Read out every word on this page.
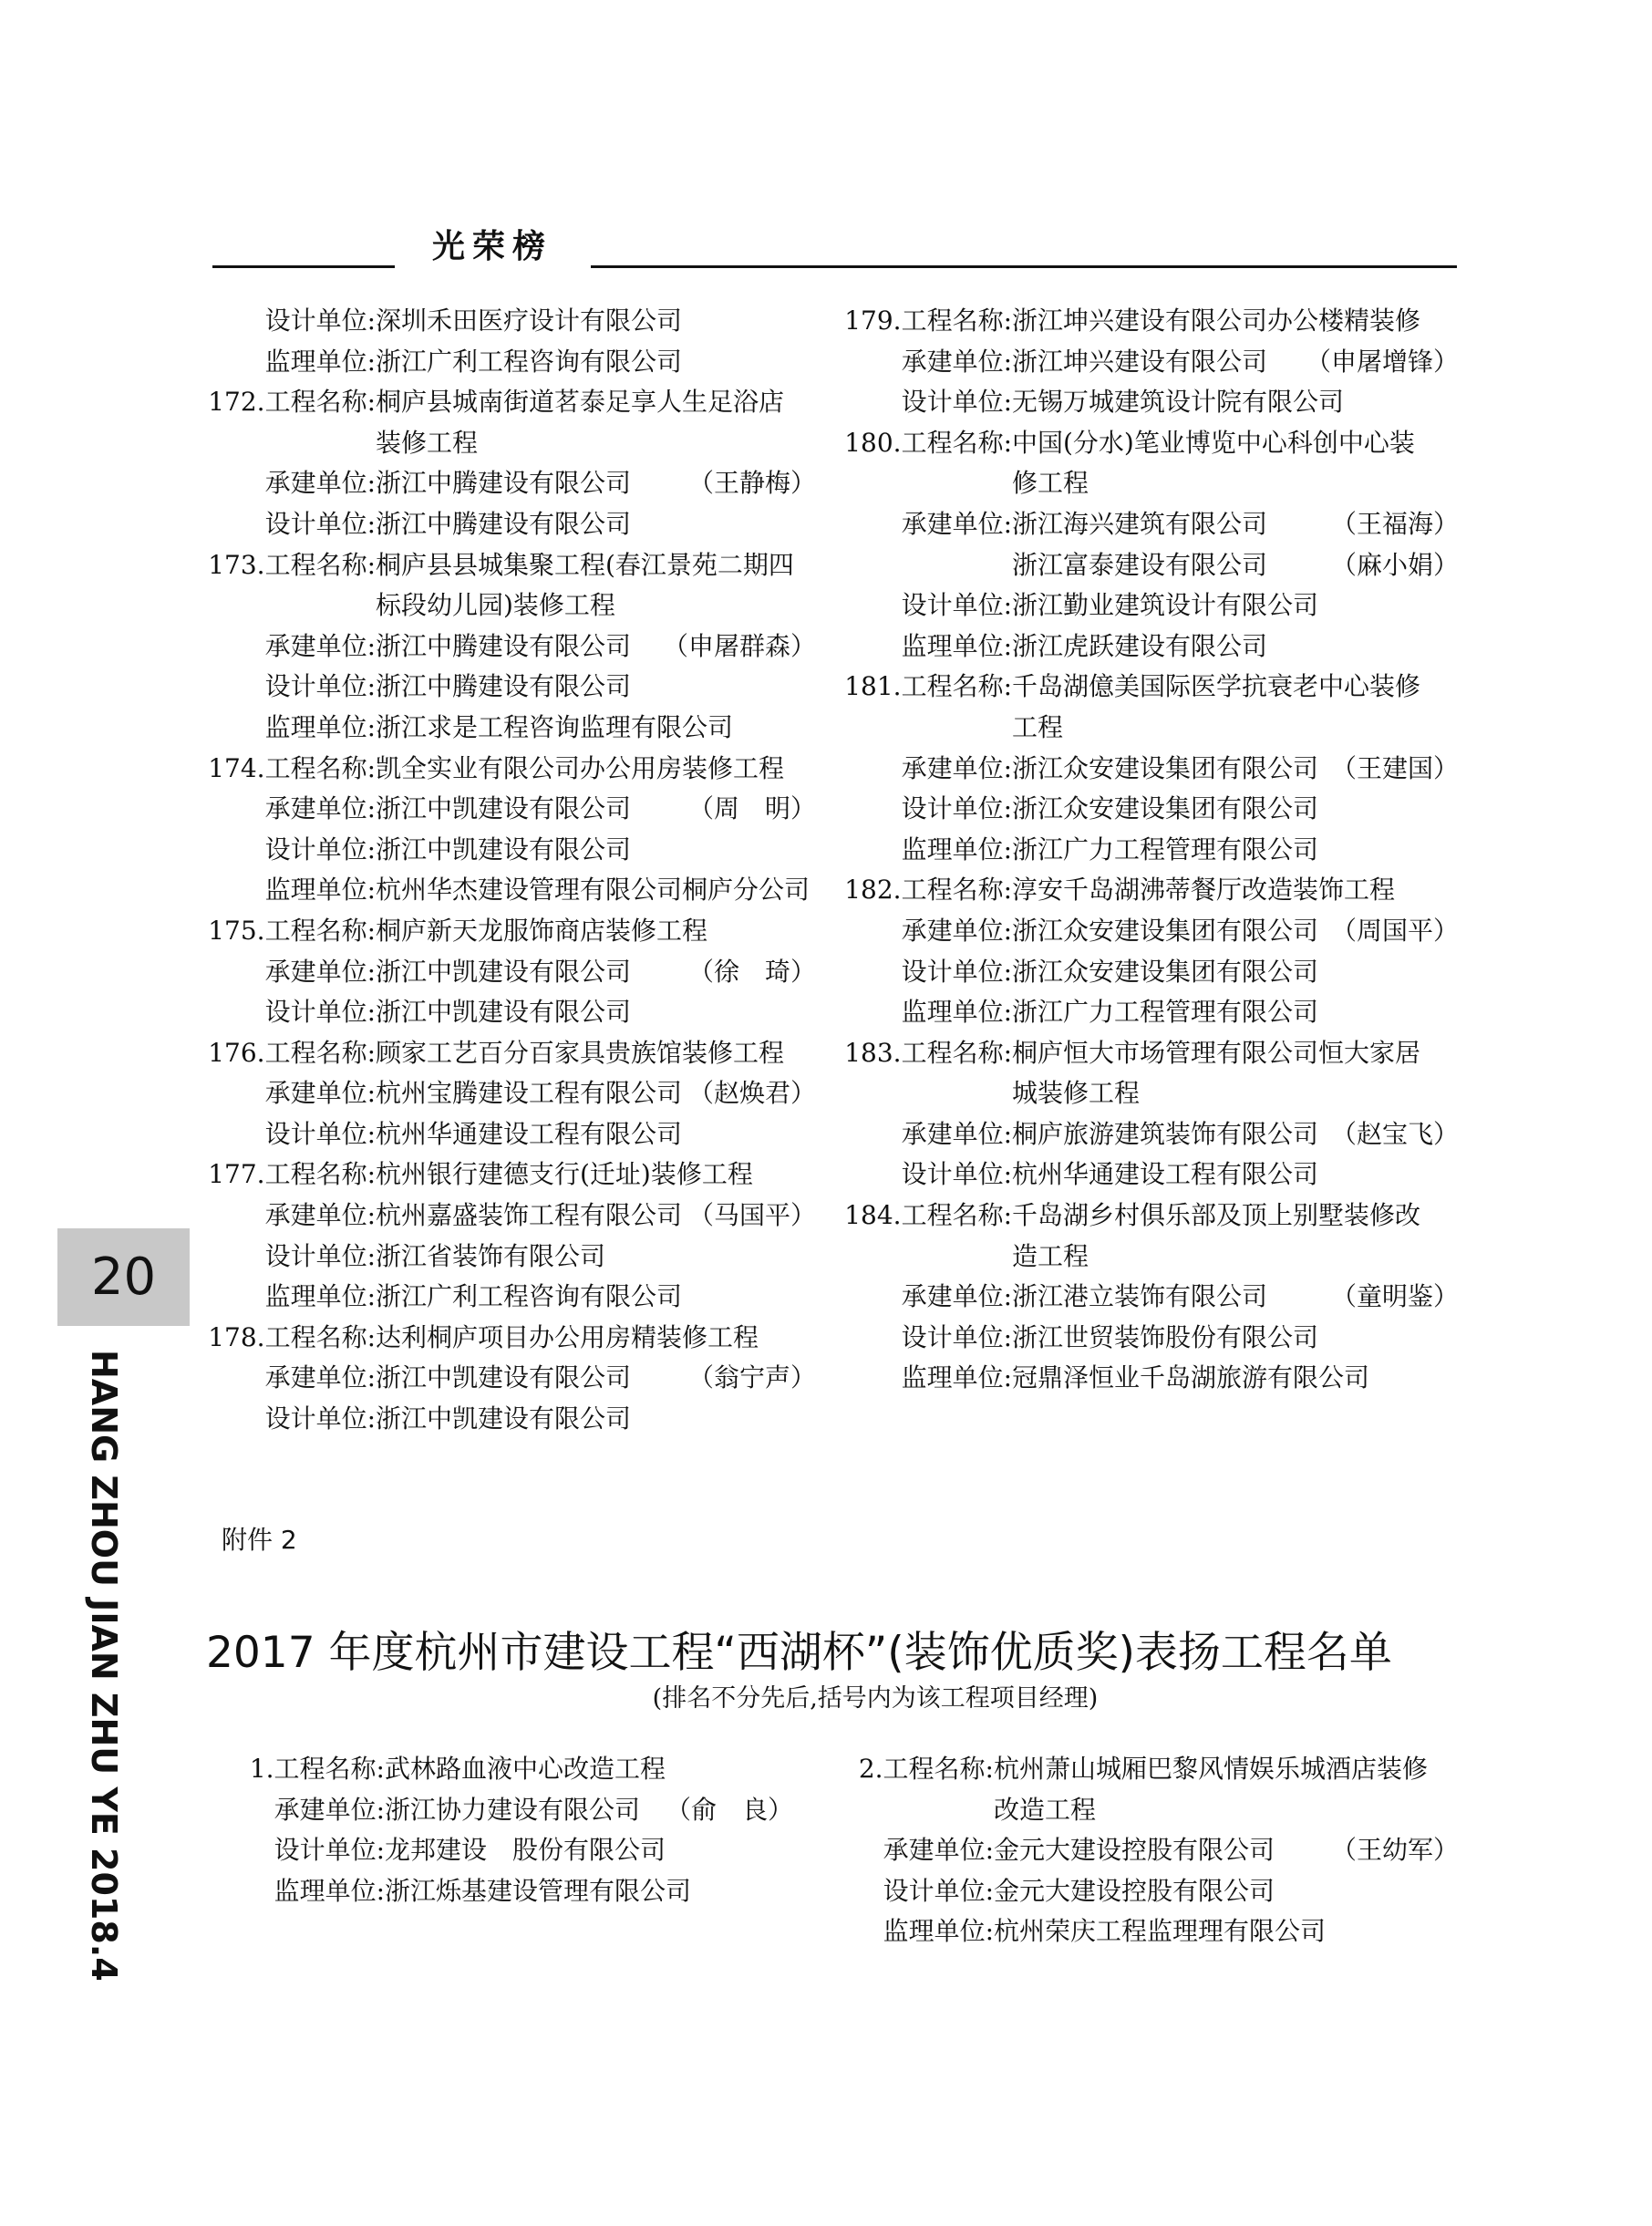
光荣榜
设计单位: 深圳禾田医疗设计有限公司
监理单位: 浙江广利工程咨询有限公司
172.工程名称: 桐庐县城南街道茗泰足享人生足浴店
装修工程
承建单位: 浙江中腾建设有限公司	（王静梅）
设计单位: 浙江中腾建设有限公司
173.工程名称: 桐庐县县城集聚工程(春江景苑二期四
标段幼儿园)装修工程
承建单位: 浙江中腾建设有限公司	（申屠群森）
设计单位: 浙江中腾建设有限公司
监理单位: 浙江求是工程咨询监理有限公司
174.工程名称: 凯全实业有限公司办公用房装修工程
承建单位: 浙江中凯建设有限公司	（周　明）
设计单位: 浙江中凯建设有限公司
监理单位: 杭州华杰建设管理有限公司桐庐分公司
175.工程名称: 桐庐新天龙服饰商店装修工程
承建单位: 浙江中凯建设有限公司	（徐　琦）
设计单位: 浙江中凯建设有限公司
176.工程名称: 顾家工艺百分百家具贵族馆装修工程
承建单位: 杭州宝腾建设工程有限公司 （赵焕君）
设计单位: 杭州华通建设工程有限公司
177.工程名称: 杭州银行建德支行(迁址)装修工程
承建单位: 杭州嘉盛装饰工程有限公司 （马国平）
设计单位: 浙江省装饰有限公司
监理单位: 浙江广利工程咨询有限公司
178.工程名称: 达利桐庐项目办公用房精装修工程
承建单位: 浙江中凯建设有限公司	（翁宁声）
设计单位: 浙江中凯建设有限公司
179.工程名称: 浙江坤兴建设有限公司办公楼精装修
承建单位: 浙江坤兴建设有限公司	（申屠增锋）
设计单位: 无锡万城建筑设计院有限公司
180.工程名称: 中国(分水)笔业博览中心科创中心装
修工程
承建单位: 浙江海兴建筑有限公司	（王福海）
浙江富泰建设有限公司	（麻小娟）
设计单位: 浙江勤业建筑设计有限公司
监理单位: 浙江虎跃建设有限公司
181.工程名称: 千岛湖億美国际医学抗衰老中心装修
工程
承建单位: 浙江众安建设集团有限公司 （王建国）
设计单位: 浙江众安建设集团有限公司
监理单位: 浙江广力工程管理有限公司
182.工程名称: 淳安千岛湖沸蒂餐厅改造装饰工程
承建单位: 浙江众安建设集团有限公司 （周国平）
设计单位: 浙江众安建设集团有限公司
监理单位: 浙江广力工程管理有限公司
183.工程名称: 桐庐恒大市场管理有限公司恒大家居
城装修工程
承建单位: 桐庐旅游建筑装饰有限公司 （赵宝飞）
设计单位: 杭州华通建设工程有限公司
184.工程名称: 千岛湖乡村俱乐部及顶上别墅装修改
造工程
承建单位: 浙江港立装饰有限公司	（童明鉴）
设计单位: 浙江世贸装饰股份有限公司
监理单位: 冠鼎泽恒业千岛湖旅游有限公司
20
HANG ZHOU JIAN ZHU YE 2018.4	附件 2
2017 年度杭州市建设工程“西湖杯”(装饰优质奖)表扬工程名单
(排名不分先后,括号内为该工程项目经理)
1.工程名称: 武林路血液中心改造工程
承建单位: 浙江协力建设有限公司 （俞　良）
设计单位: 龙邦建设　股份有限公司
监理单位: 浙江烁基建设管理有限公司
2.工程名称: 杭州萧山城厢巴黎风情娱乐城酒店装修
改造工程
承建单位: 金元大建设控股有限公司	（王幼军）
设计单位: 金元大建设控股有限公司
监理单位: 杭州荣庆工程监理理有限公司
